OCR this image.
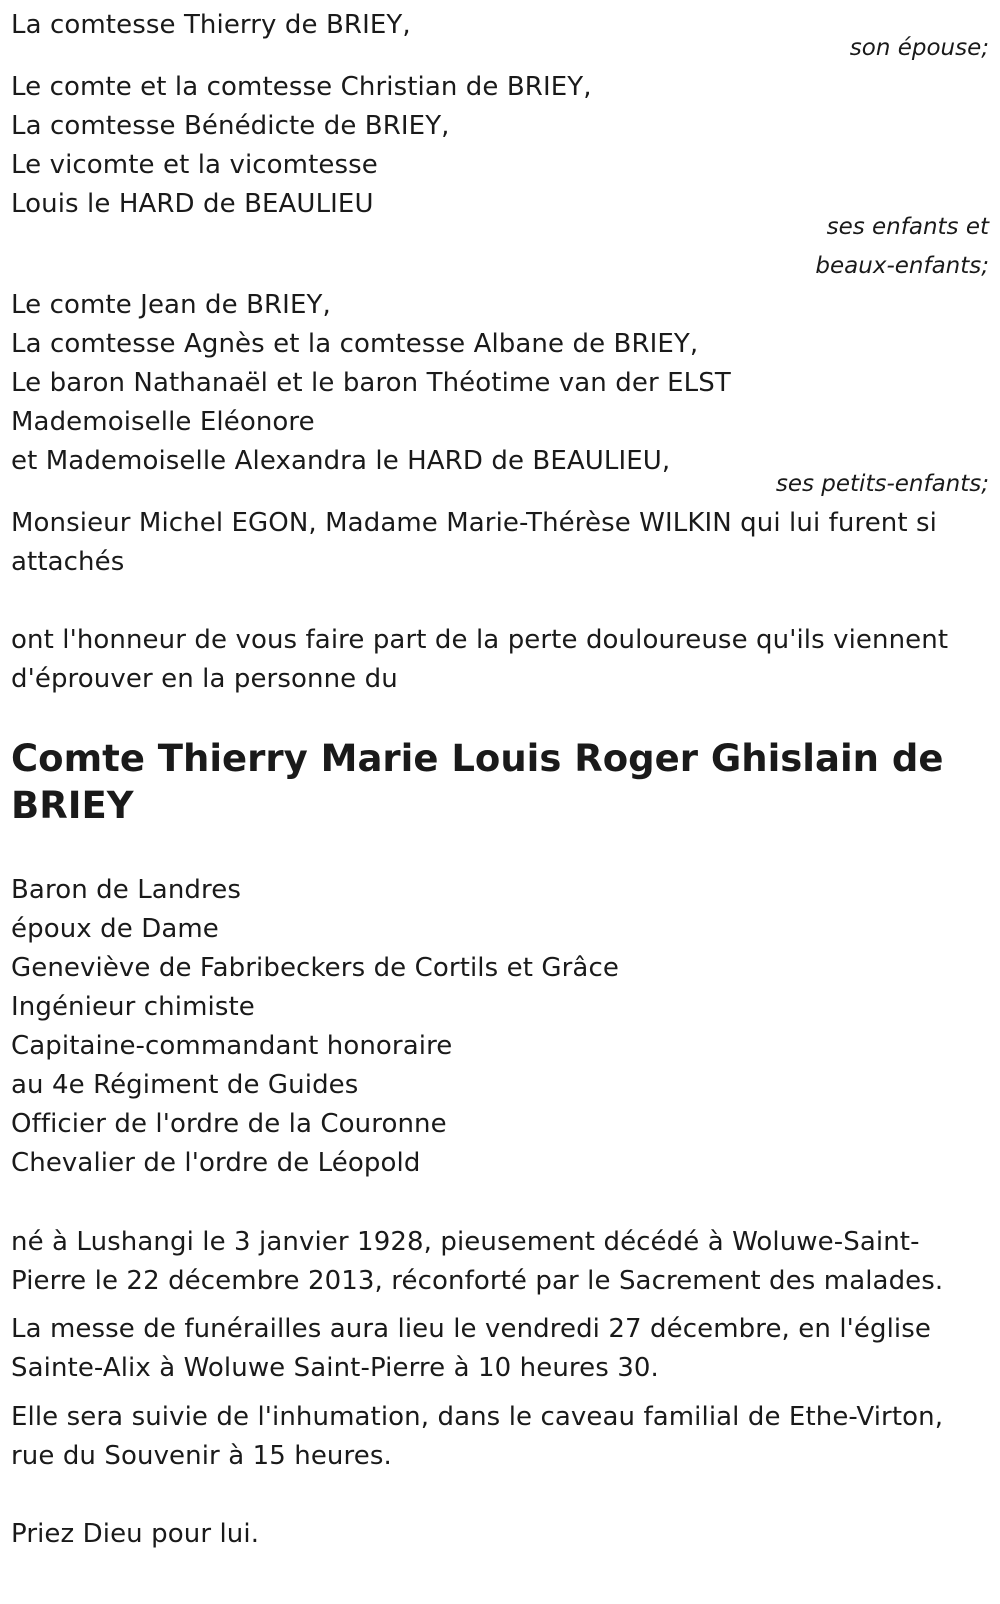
La comtesse Thierry de BRIEY,
son épouse;
Le comte et la comtesse Christian de BRIEY,
La comtesse Bénédicte de BRIEY,
Le vicomte et la vicomtesse
Louis le HARD de BEAULIEU
ses enfants et
beaux-enfants;
Le comte Jean de BRIEY,
La comtesse Agnès et la comtesse Albane de BRIEY,
Le baron Nathanaël et le baron Théotime van der ELST
Mademoiselle Eléonore
et Mademoiselle Alexandra le HARD de BEAULIEU,
ses petits-enfants;
Monsieur Michel EGON, Madame Marie-Thérèse WILKIN qui lui furent si
attachés
ont l'honneur de vous faire part de la perte douloureuse qu'ils viennent
d'éprouver en la personne du
Comte Thierry Marie Louis Roger Ghislain de
BRIEY
Baron de Landres
époux de Dame
Geneviève de Fabribeckers de Cortils et Grâce
Ingénieur chimiste
Capitaine-commandant honoraire
au 4e Régiment de Guides
Officier de l'ordre de la Couronne
Chevalier de l'ordre de Léopold
né à Lushangi le 3 janvier 1928, pieusement décédé à Woluwe-Saint-
Pierre le 22 décembre 2013, réconforté par le Sacrement des malades.
La messe de funérailles aura lieu le vendredi 27 décembre, en l'église
Sainte-Alix à Woluwe Saint-Pierre à 10 heures 30.
Elle sera suivie de l'inhumation, dans le caveau familial de Ethe-Virton,
rue du Souvenir à 15 heures.
Priez Dieu pour lui.
